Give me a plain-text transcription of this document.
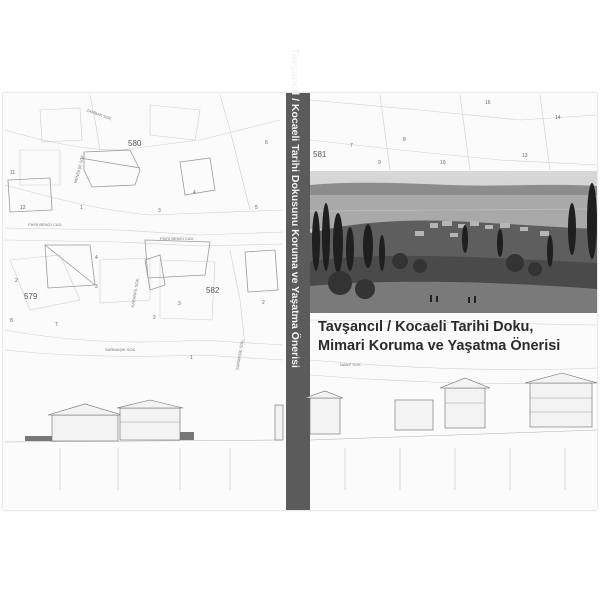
Tavşancıl / Kocaeli Tarihi Dokusunu Koruma ve Yaşatma Önerisi Tavşancıl / Kocaeli Tarihi Doku,
Mimari Koruma ve Yaşatma Önerisi
580
579
582
581
FİKRİ BENGİ CAD.
FİKRİ BENGİ CAD.
MENEKŞE SOK.
ZAMBAK SOK.
SARMAŞIK SOK.	SARMAŞIK SOK.	NANE SOK.
KARANFİL SOK.
11
12	1	3
4
6
5
4
2
3
8
7
2
3
1
2
16
14
13
8
7
10
9
